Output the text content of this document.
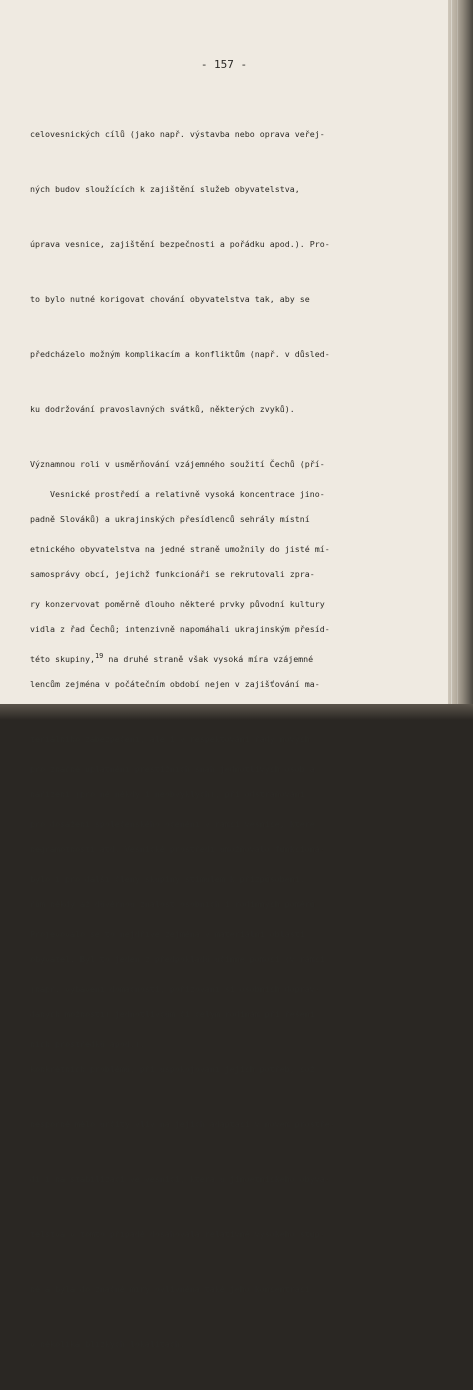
- 157 -

celovesnických cílů (jako např. výstavba nebo oprava veřej-

ných budov sloužících k zajištění služeb obyvatelstva,

úprava vesnice, zajištění bezpečnosti a pořádku apod.). Pro-

to bylo nutné korigovat chování obyvatelstva tak, aby se

předcházelo možným komplikacím a konfliktům (např. v důsled-

ku dodržování pravoslavných svátků, některých zvyků).

Významnou roli v usměrňování vzájemného soužití Čechů (pří-

padně Slováků) a ukrajinských přesídlenců sehrály místní

samosprávy obcí, jejichž funkcionáři se rekrutovali zpra-

vidla z řad Čechů; intenzivně napomáhali ukrajinským přesíd-

lencům zejména v počátečním období nejen v zajišťování ma-

teriálního zabezpečení, ale i v respektování řady nových

nařízení (pro ně někdy i neobvyklých), při odstraňování

negramotnosti atd. Vesnické prostředí umožňovalo funkcioná-

řům někdy až důvěrnou znalost osobních i rodinných poměrů

obyvatel. Byl to jeden z předpokladů účinné pomoci (v rámci

daných možností) jednotlivcům či celým rodinám při řešení

konkrétních problémů, při uspokojování jejich potřeb, což

nesporně mělo určitý vliv na jejich adaptaci v novém prostře-

dí i na stabilizaci ve vesnici, která u jinoetnického obyva-

telstva v tomto případě dosahovala relativně vysokého stup-

ně a byla do značné míry ovlivněna také jeho koncentrací

v několika blízkých lokalitách.

Vesnické prostředí a relativně vysoká koncentrace jino-

etnického obyvatelstva na jedné straně umožnily do jisté mí-

ry konzervovat poměrně dlouho některé prvky původní kultury

této skupiny,$^{19}$ na druhé straně však vysoká míra vzájemné

pro značné uplatnění prestižních snah jednotlivých osob a

pro dosažení společenského ocenění v rámci vesnice, které

bylo i pro další členy skupiny stimulem k přizpůsobení.

Projevovalo se to nejdříve zejména v materiální oblasti

(např. vybavení domácnosti, pořizování si osobních doprav-

ních prostředků apod.).
